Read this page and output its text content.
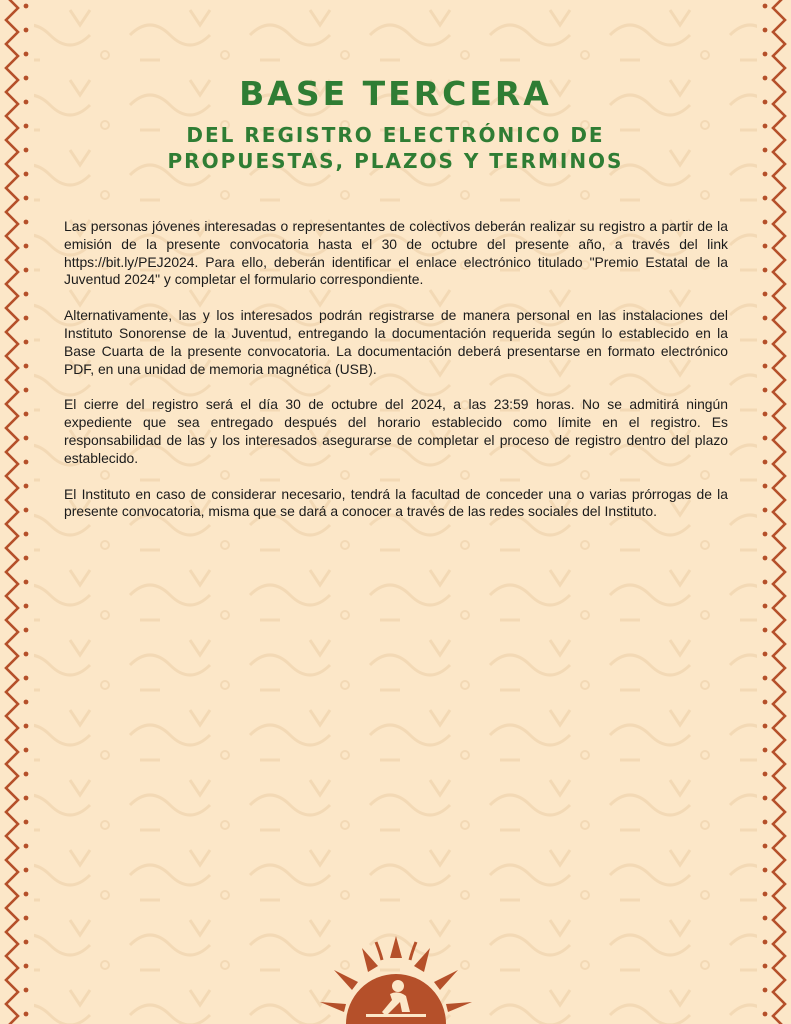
BASE TERCERA
DEL REGISTRO ELECTRÓNICO DE PROPUESTAS, PLAZOS Y TERMINOS

Las personas jóvenes interesadas o representantes de colectivos deberán realizar su registro a partir de la emisión de la presente convocatoria hasta el 30 de octubre del presente año, a través del link https://bit.ly/PEJ2024. Para ello, deberán identificar el enlace electrónico titulado "Premio Estatal de la Juventud 2024" y completar el formulario correspondiente.

Alternativamente, las y los interesados podrán registrarse de manera personal en las instalaciones del Instituto Sonorense de la Juventud, entregando la documentación requerida según lo establecido en la Base Cuarta de la presente convocatoria. La documentación deberá presentarse en formato electrónico PDF, en una unidad de memoria magnética (USB).

El cierre del registro será el día 30 de octubre del 2024, a las 23:59 horas. No se admitirá ningún expediente que sea entregado después del horario establecido como límite en el registro. Es responsabilidad de las y los interesados asegurarse de completar el proceso de registro dentro del plazo establecido.

El Instituto en caso de considerar necesario, tendrá la facultad de conceder una o varias prórrogas de la presente convocatoria, misma que se dará a conocer a través de las redes sociales del Instituto.
